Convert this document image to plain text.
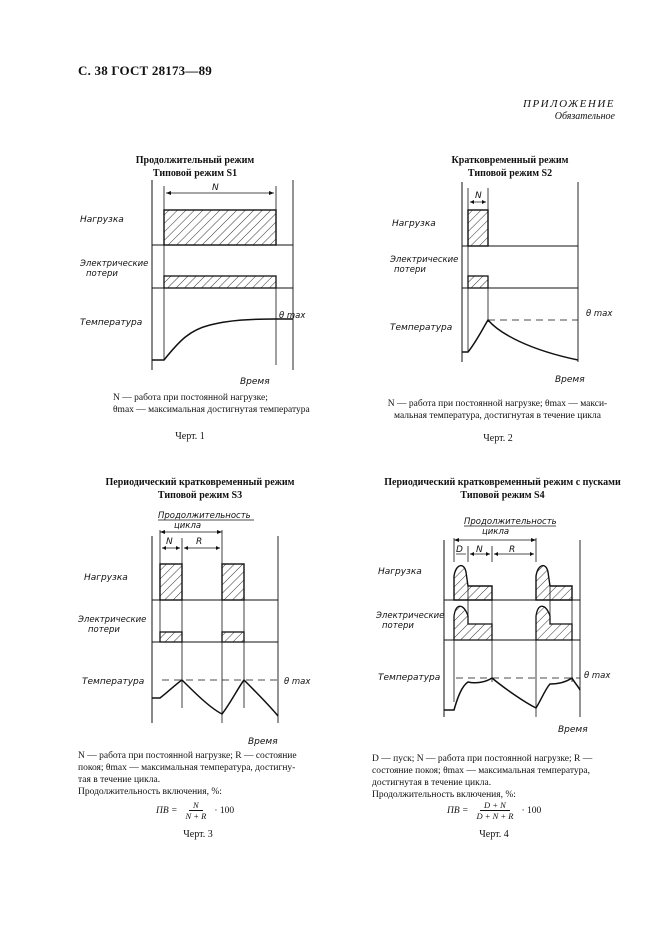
С. 38 ГОСТ 28173—89
ПРИЛОЖЕНИЕ
Обязательное
Продолжительный режим
Типовой режим S1
N
Нагрузка
Электрические
потери
Температура
θ max
Время
N — работа при постоянной нагрузке;
θmax — максимальная достигнутая температура
Черт. 1
Кратковременный режим
Типовой режим S2
N
Нагрузка
Электрические
потери
Температура
θ max
Время
N — работа при постоянной нагрузке; θmax — макси-
мальная температура, достигнутая в течение цикла
Черт. 2
Периодический кратковременный режим
Типовой режим S3
Продолжительность
цикла
N	R
Нагрузка
Электрические
потери
Температура	θ max
Время
N — работа при постоянной нагрузке; R — состояние
покоя; θmax — максимальная температура, достигну-
тая в течение цикла.
Продолжительность включения, %:
ПВ = $\frac{N}{N + R} \cdot 100$
Черт. 3
Периодический кратковременный режим с пусками
Типовой режим S4
Продолжительность
цикла
D N	R
Нагрузка
Электрические
потери
Температура	θ max
Время
D — пуск; N — работа при постоянной нагрузке; R —
состояние покоя; θmax — максимальная температура,
достигнутая в течение цикла.
Продолжительность включения, %:
ПВ = $\frac{D + N}{D + N + R} \cdot 100$
Черт. 4
